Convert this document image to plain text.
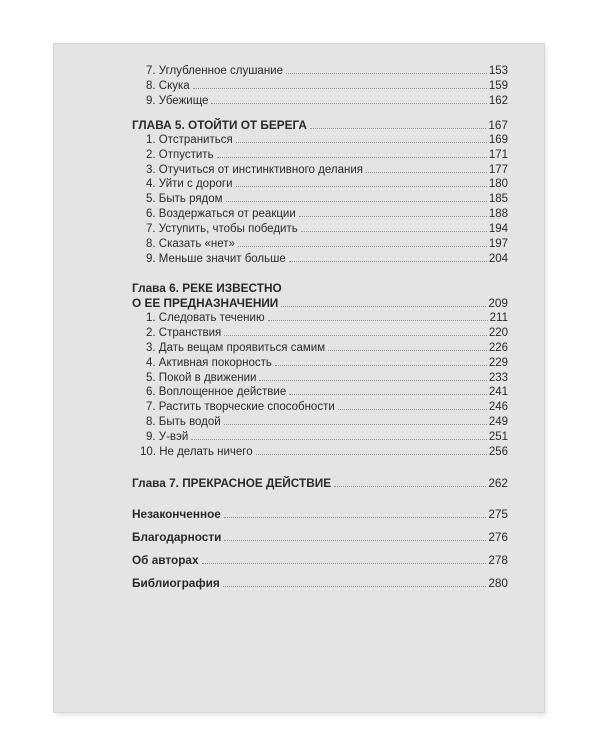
7. Углубленное слушание	153
8. Скука	159
9. Убежище	162
ГЛАВА 5. ОТОЙТИ ОТ БЕРЕГА	167
1. Отстраниться	169
2. Отпустить	171
3. Отучиться от инстинктивного делания	177
4. Уйти с дороги	180
5. Быть рядом	185
6. Воздержаться от реакции	188
7. Уступить, чтобы победить	194
8. Сказать «нет»	197
9. Меньше значит больше	204
Глава 6. РЕКЕ ИЗВЕСТНО
О ЕЕ ПРЕДНАЗНАЧЕНИИ	209
1. Следовать течению	211
2. Странствия	220
3. Дать вещам проявиться самим	226
4. Активная покорность	229
5. Покой в движении	233
6. Воплощенное действие	241
7. Растить творческие способности	246
8. Быть водой	249
9. У-вэй	251
10. Не делать ничего	256
Глава 7. ПРЕКРАСНОЕ ДЕЙСТВИЕ	262
Незаконченное	275
Благодарности	276
Об авторах	278
Библиография	280
